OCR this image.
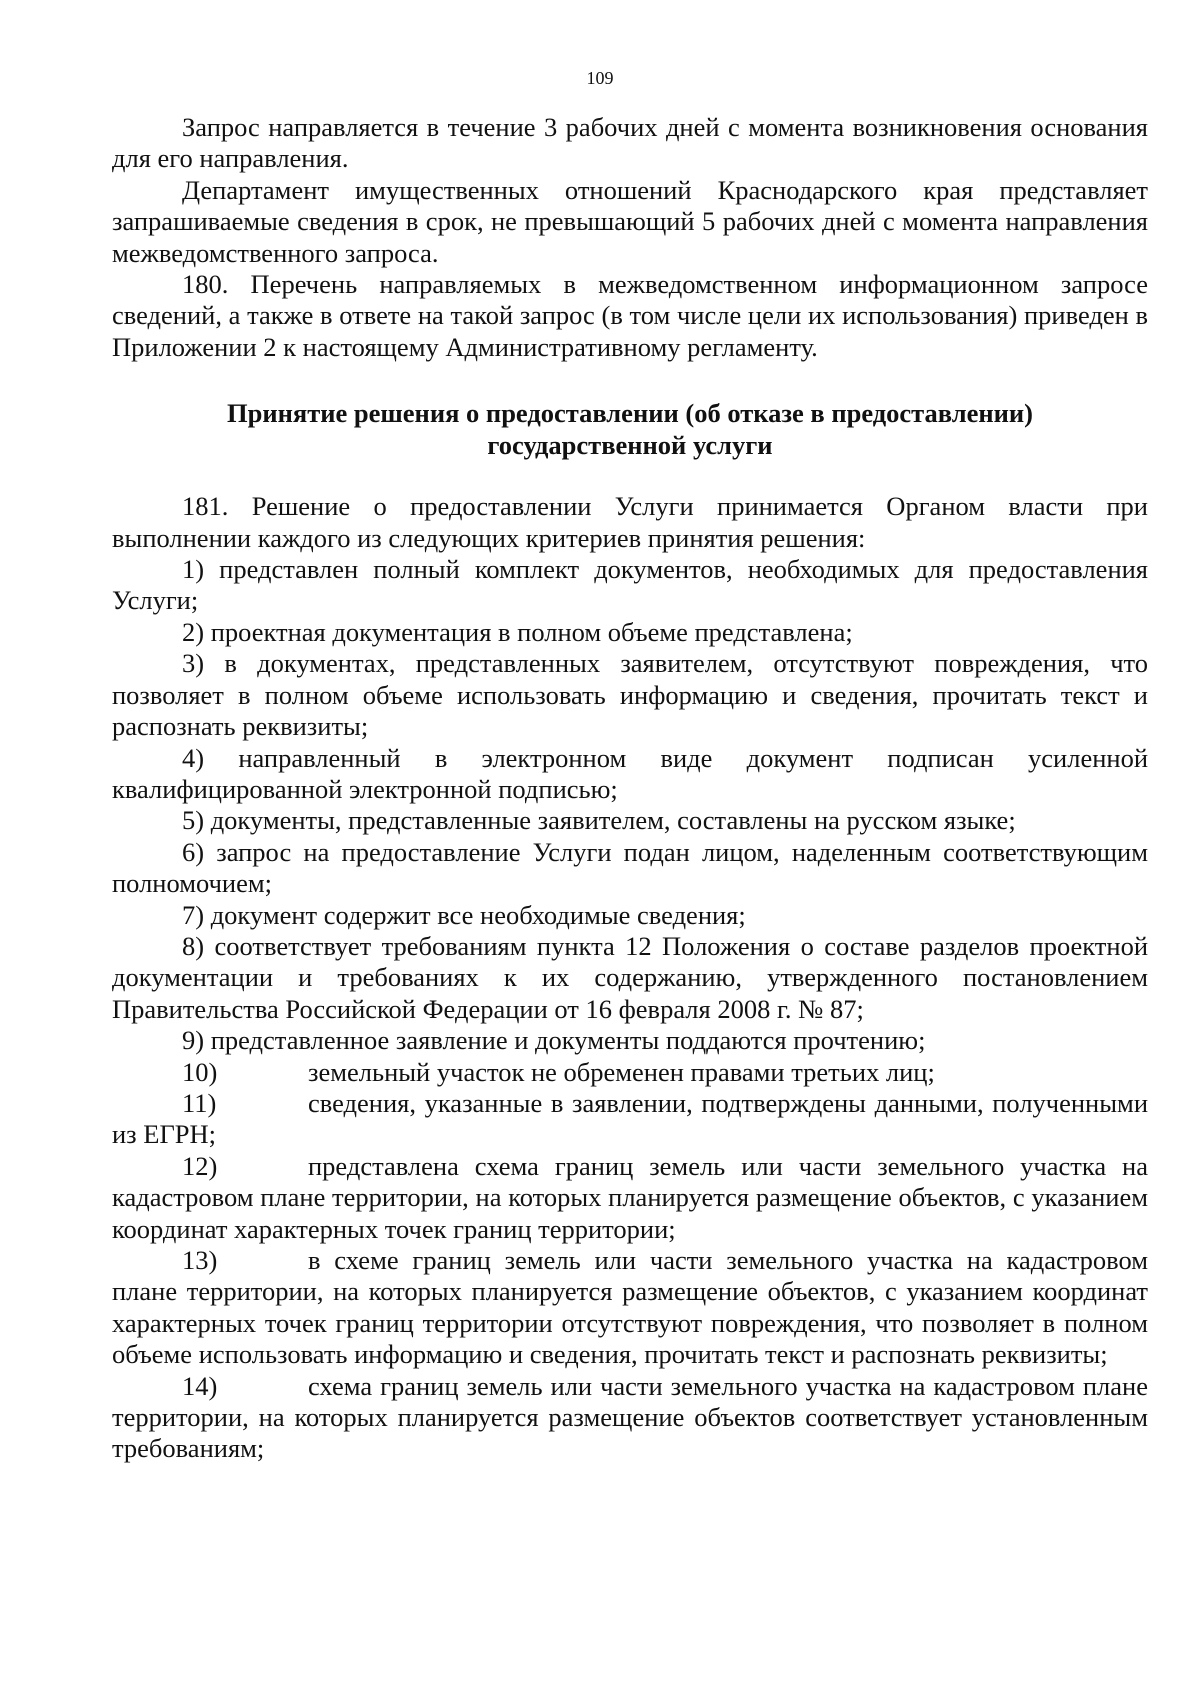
109

Запрос направляется в течение 3 рабочих дней с момента возникновения основания для его направления.

Департамент имущественных отношений Краснодарского края представляет запрашиваемые сведения в срок, не превышающий 5 рабочих дней с момента направления межведомственного запроса.

180. Перечень направляемых в межведомственном информационном запросе сведений, а также в ответе на такой запрос (в том числе цели их использования) приведен в Приложении 2 к настоящему Административному регламенту.

Принятие решения о предоставлении (об отказе в предоставлении)
государственной услуги

181. Решение о предоставлении Услуги принимается Органом власти при выполнении каждого из следующих критериев принятия решения:

1) представлен полный комплект документов, необходимых для предоставления Услуги;

2) проектная документация в полном объеме представлена;

3) в документах, представленных заявителем, отсутствуют повреждения, что позволяет в полном объеме использовать информацию и сведения, прочитать текст и распознать реквизиты;

4) направленный в электронном виде документ подписан усиленной квалифицированной электронной подписью;

5) документы, представленные заявителем, составлены на русском языке;

6) запрос на предоставление Услуги подан лицом, наделенным соответствующим полномочием;

7) документ содержит все необходимые сведения;

8) соответствует требованиям пункта 12 Положения о составе разделов проектной документации и требованиях к их содержанию, утвержденного постановлением Правительства Российской Федерации от 16 февраля 2008 г. № 87;

9) представленное заявление и документы поддаются прочтению;

10)	земельный участок не обременен правами третьих лиц;

11)	сведения, указанные в заявлении, подтверждены данными, полученными из ЕГРН;

12)	представлена схема границ земель или части земельного участка на кадастровом плане территории, на которых планируется размещение объектов, с указанием координат характерных точек границ территории;

13)	в схеме границ земель или части земельного участка на кадастровом плане территории, на которых планируется размещение объектов, с указанием координат характерных точек границ территории отсутствуют повреждения, что позволяет в полном объеме использовать информацию и сведения, прочитать текст и распознать реквизиты;

14)	схема границ земель или части земельного участка на кадастровом плане территории, на которых планируется размещение объектов соответствует установленным требованиям;
